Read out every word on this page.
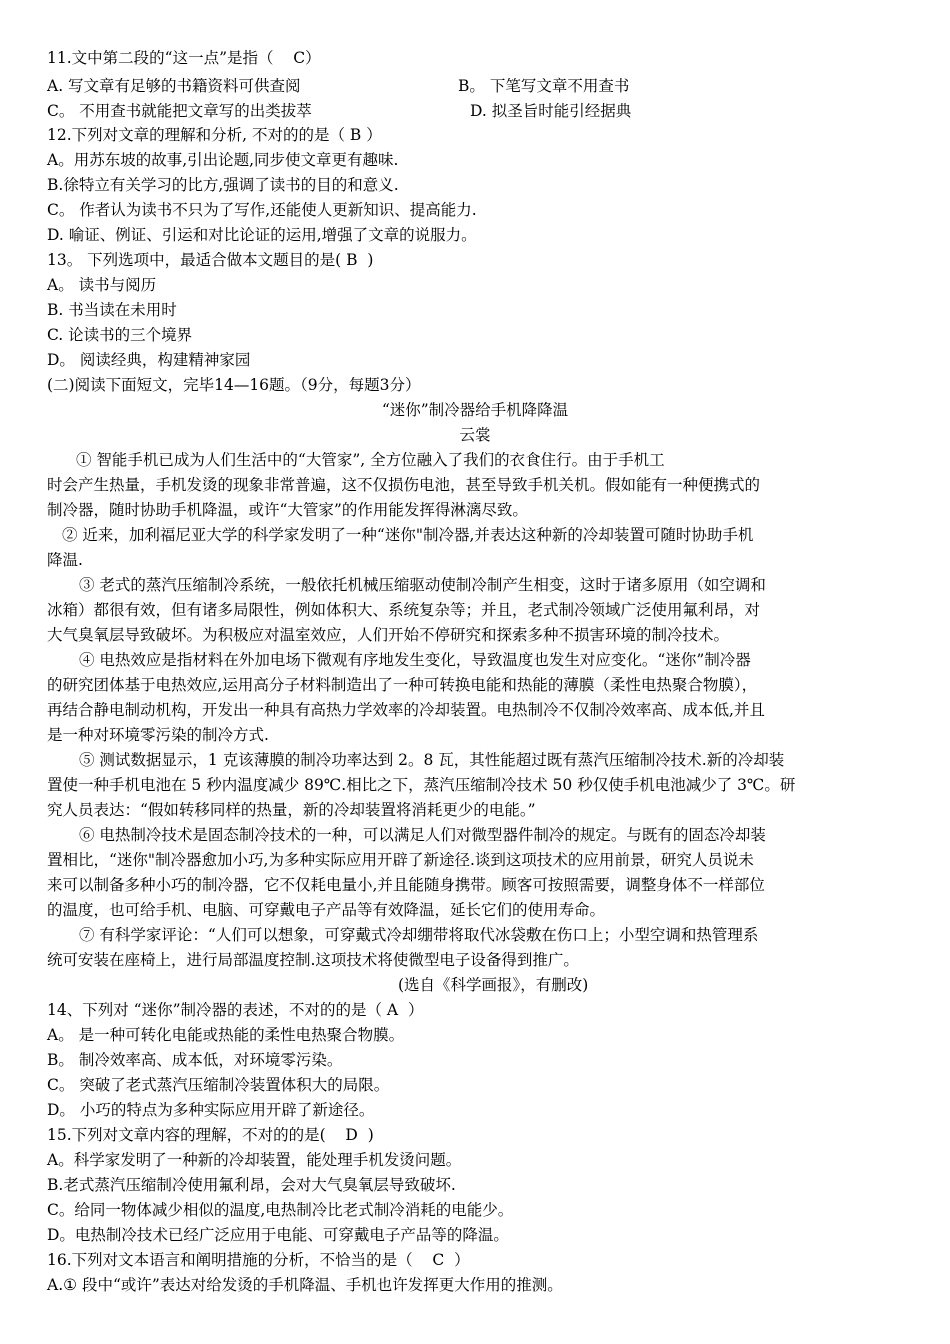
11.文中第二段的“这一点”是指（    C）
A. 写文章有足够的书籍资料可供查阅	B。 下笔写文章不用查书
C。 不用查书就能把文章写的出类拔萃	D. 拟圣旨时能引经据典
12.下列对文章的理解和分析, 不对的的是（ B ）
A。用苏东坡的故事,引出论题,同步使文章更有趣味.
B.徐特立有关学习的比方,强调了读书的目的和意义.
C。 作者认为读书不只为了写作,还能使人更新知识、提高能力.
D. 喻证、例证、引运和对比论证的运用,增强了文章的说服力。
13。 下列选项中，最适合做本文题目的是( B  )
A。 读书与阅历
B. 书当读在未用时
C. 论读书的三个境界
D。 阅读经典，构建精神家园
(二)阅读下面短文，完毕14—16题。（9分，每题3分）
“迷你”制冷器给手机降降温
云裳
① 智能手机已成为人们生活中的“大管家”, 全方位融入了我们的衣食住行。由于手机工
时会产生热量，手机发烫的现象非常普遍，这不仅损伤电池，甚至导致手机关机。假如能有一种便携式的
制冷器，随时协助手机降温，或许“大管家”的作用能发挥得淋漓尽致。
② 近来，加利福尼亚大学的科学家发明了一种“迷你"制冷器,并表达这种新的冷却装置可随时协助手机
降温.
③ 老式的蒸汽压缩制冷系统，一般依托机械压缩驱动使制冷制产生相变，这时于诸多原用（如空调和
冰箱）都很有效，但有诸多局限性，例如体积大、系统复杂等；并且，老式制冷领域广泛使用氟利昂，对
大气臭氧层导致破坏。为积极应对温室效应，人们开始不停研究和探索多种不损害环境的制冷技术。
④ 电热效应是指材料在外加电场下微观有序地发生变化，导致温度也发生对应变化。“迷你”制冷器
的研究团体基于电热效应,运用高分子材料制造出了一种可转换电能和热能的薄膜（柔性电热聚合物膜），
再结合静电制动机构，开发出一种具有高热力学效率的冷却装置。电热制冷不仅制冷效率高、成本低,并且
是一种对环境零污染的制冷方式.
⑤ 测试数据显示，1 克该薄膜的制冷功率达到 2。8 瓦，其性能超过既有蒸汽压缩制冷技术.新的冷却装
置使一种手机电池在 5 秒内温度减少 89℃.相比之下，蒸汽压缩制冷技术 50 秒仅使手机电池减少了 3℃。研
究人员表达：“假如转移同样的热量，新的冷却装置将消耗更少的电能。”
⑥ 电热制冷技术是固态制冷技术的一种，可以满足人们对微型器件制冷的规定。与既有的固态冷却装
置相比，“迷你"制冷器愈加小巧,为多种实际应用开辟了新途径.谈到这项技术的应用前景，研究人员说未
来可以制备多种小巧的制冷器，它不仅耗电量小,并且能随身携带。顾客可按照需要，调整身体不一样部位
的温度，也可给手机、电脑、可穿戴电子产品等有效降温，延长它们的使用寿命。
⑦ 有科学家评论：“人们可以想象，可穿戴式冷却绷带将取代冰袋敷在伤口上；小型空调和热管理系
统可安装在座椅上，进行局部温度控制.这项技术将使微型电子设备得到推广。
(选自《科学画报》，有删改)
14、下列对 “迷你”制冷器的表述，不对的的是（ A  ）
A。 是一种可转化电能或热能的柔性电热聚合物膜。
B。 制冷效率高、成本低，对环境零污染。
C。 突破了老式蒸汽压缩制冷装置体积大的局限。
D。 小巧的特点为多种实际应用开辟了新途径。
15.下列对文章内容的理解，不对的的是(    D  )
A。科学家发明了一种新的冷却装置，能处理手机发烫问题。
B.老式蒸汽压缩制冷使用氟利昂，会对大气臭氧层导致破坏.
C。给同一物体减少相似的温度,电热制冷比老式制冷消耗的电能少。
D。电热制冷技术已经广泛应用于电能、可穿戴电子产品等的降温。
16.下列对文本语言和阐明措施的分析，不恰当的是（    C  ）
A.① 段中“或许”表达对给发烫的手机降温、手机也许发挥更大作用的推测。
